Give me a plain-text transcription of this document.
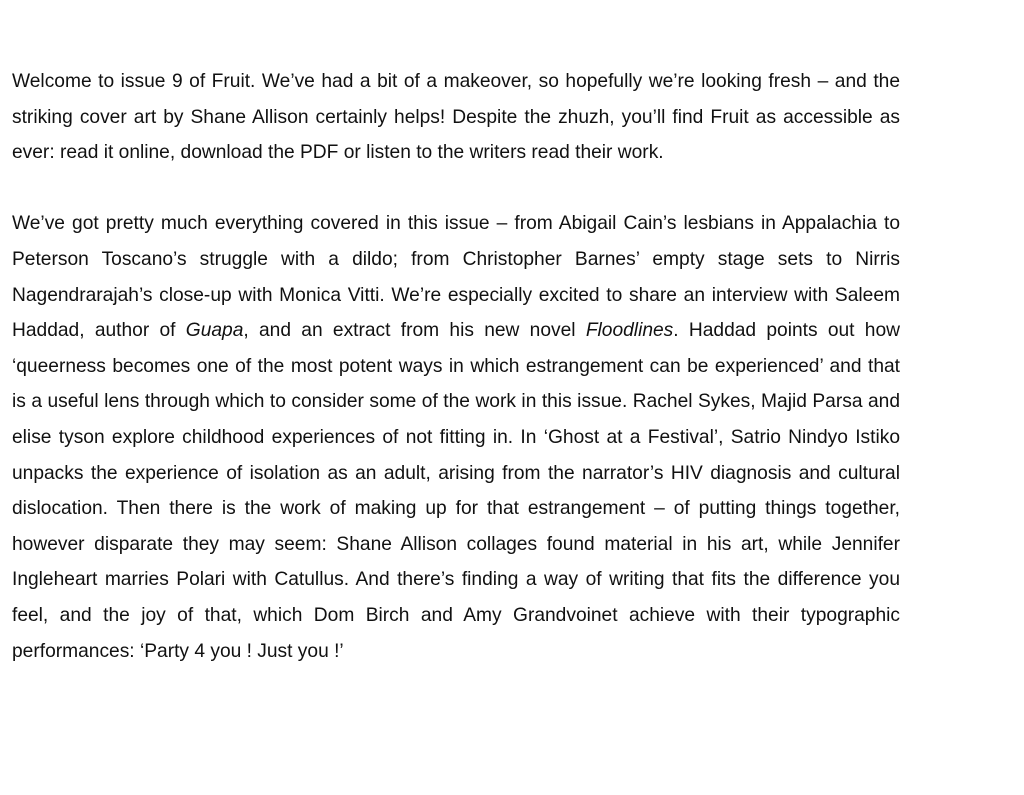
Welcome to issue 9 of Fruit. We’ve had a bit of a makeover, so hopefully we’re looking fresh – and the striking cover art by Shane Allison certainly helps! Despite the zhuzh, you’ll find Fruit as accessible as ever: read it online, download the PDF or listen to the writers read their work.

We’ve got pretty much everything covered in this issue – from Abigail Cain’s lesbians in Appalachia to Peterson Toscano’s struggle with a dildo; from Christopher Barnes’ empty stage sets to Nirris Nagendrarajah’s close-up with Monica Vitti. We’re especially excited to share an interview with Saleem Haddad, author of Guapa, and an extract from his new novel Floodlines. Haddad points out how ‘queerness becomes one of the most potent ways in which estrangement can be experienced’ and that is a useful lens through which to consider some of the work in this issue. Rachel Sykes, Majid Parsa and elise tyson explore childhood experiences of not fitting in. In ‘Ghost at a Festival’, Satrio Nindyo Istiko unpacks the experience of isolation as an adult, arising from the narrator’s HIV diagnosis and cultural dislocation. Then there is the work of making up for that estrangement – of putting things together, however disparate they may seem: Shane Allison collages found material in his art, while Jennifer Ingleheart marries Polari with Catullus. And there’s finding a way of writing that fits the difference you feel, and the joy of that, which Dom Birch and Amy Grandvoinet achieve with their typographic performances: ‘Party 4 you ! Just you !’
